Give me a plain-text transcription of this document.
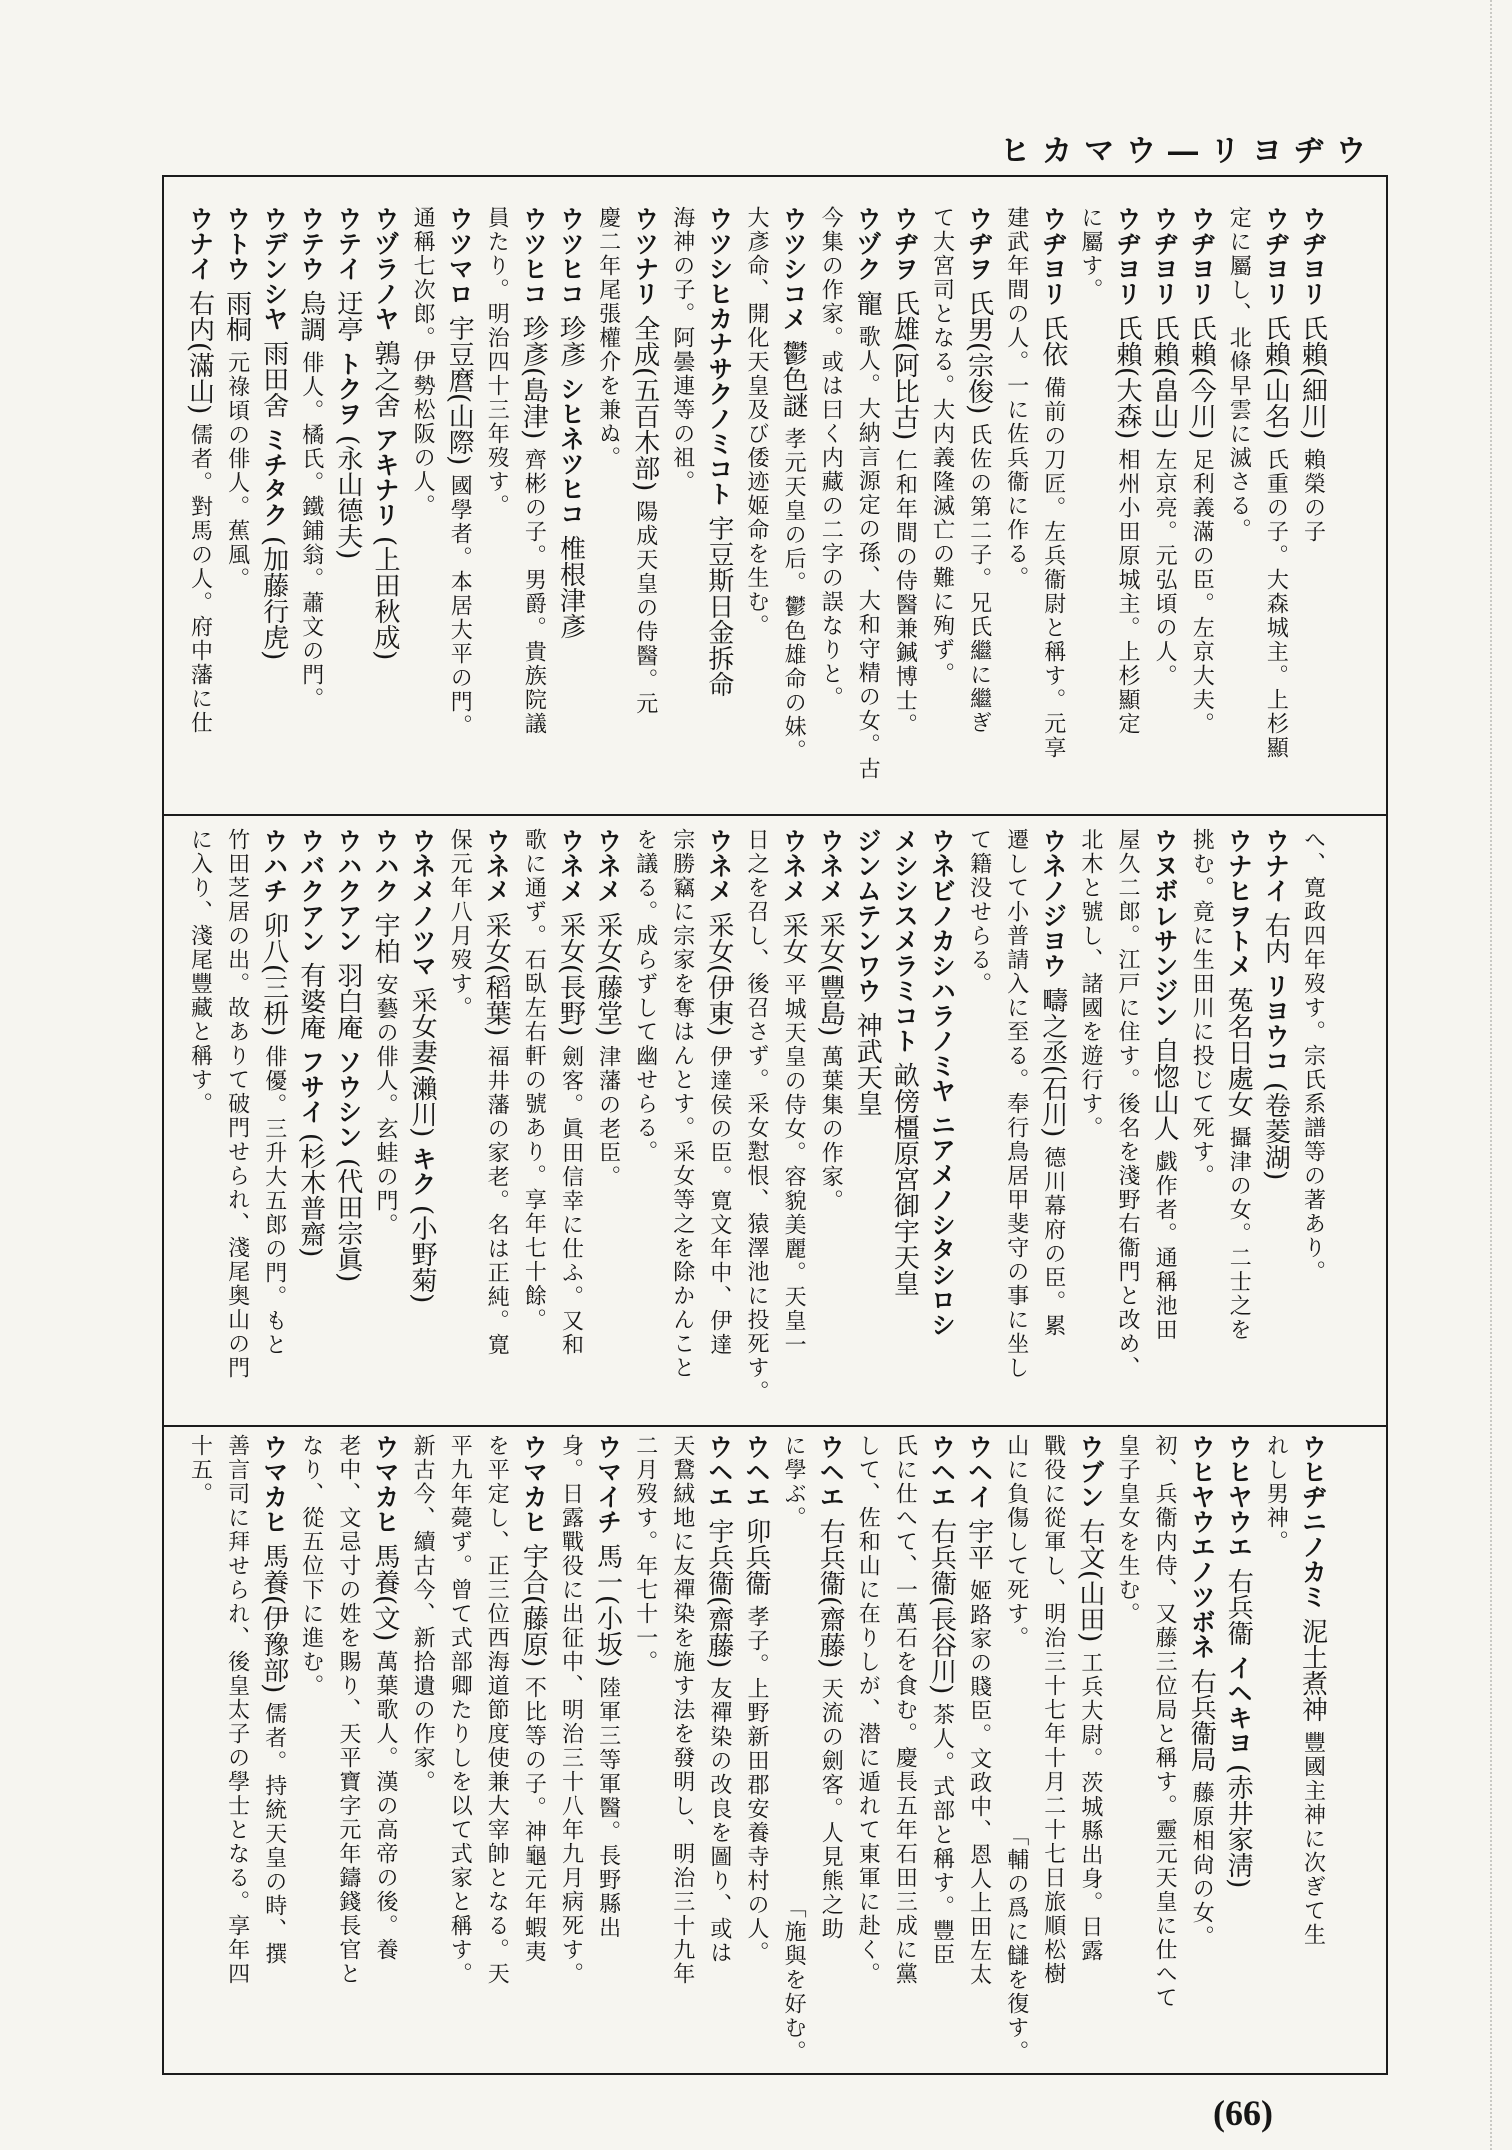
ウヂヨリ―ウマカヒ
(66)
ウヂヨリ氏賴(細川)賴榮の子
ウヂヨリ氏賴(山名)氏重の子。大森城主。上杉顯
定に屬し、北條早雲に滅さる。
ウヂヨリ氏賴(今川)足利義滿の臣。左京大夫。
ウヂヨリ氏賴(畠山)左京亮。元弘頃の人。
ウヂヨリ氏賴(大森)相州小田原城主。上杉顯定
に屬す。
ウヂヨリ氏依備前の刀匠。左兵衞尉と稱す。元享
建武年間の人。一に佐兵衞に作る。
ウヂヲ氏男(宗俊)氏佐の第二子。兄氏繼に繼ぎ
て大宮司となる。大内義隆滅亡の難に殉ず。
ウヂヲ氏雄(阿比古)仁和年間の侍醫兼鍼博士。
ウヅク寵歌人。大納言源定の孫、大和守精の女。古
今集の作家。或は曰く内藏の二字の誤なりと。
ウツシコメ鬱色謎孝元天皇の后。鬱色雄命の妹。
大彥命、開化天皇及び倭迹姬命を生む。
ウツシヒカナサクノミコト宇豆斯日金拆命
海神の子。阿曇連等の祖。
ウツナリ全成(五百木部)陽成天皇の侍醫。元
慶二年尾張權介を兼ぬ。
ウツヒコ珍彥シヒネツヒコ椎根津彥
ウツヒコ珍彥(島津)齊彬の子。男爵。貴族院議
員たり。明治四十三年歿す。
ウツマロ宇豆麿(山際)國學者。本居大平の門。
通稱七次郎。伊勢松阪の人。
ウヅラノヤ鶉之舍アキナリ(上田秋成)
ウテイ迂亭トクヲ(永山德夫)
ウテウ烏調俳人。橘氏。鐵鋪翁。蕭文の門。
ウデンシヤ雨田舍ミチタク(加藤行虎)
ウトウ雨桐元祿頃の俳人。蕉風。
ウナイ右内(滿山)儒者。對馬の人。府中藩に仕
へ、寛政四年歿す。宗氏系譜等の著あり。
ウナイ右内リヨウコ(卷菱湖)
ウナヒヲトメ菟名日處女攝津の女。二士之を
挑む。竟に生田川に投じて死す。
ウヌボレサンジン自惚山人戯作者。通稱池田
屋久二郎。江戸に住す。後名を淺野右衞門と改め、
北木と號し、諸國を遊行す。
ウネノジヨウ疇之丞(石川)德川幕府の臣。累
遷して小普請入に至る。奉行鳥居甲斐守の事に坐し
て籍没せらる。
ウネビノカシハラノミヤニアメノシタシロシ
メシシスメラミコト畝傍橿原宮御宇天皇
ジンムテンワウ神武天皇
ウネメ采女(豐島)萬葉集の作家。
ウネメ采女平城天皇の侍女。容貌美麗。天皇一
日之を召し、後召さず。采女懟恨、猿澤池に投死す。
ウネメ采女(伊東)伊達侯の臣。寛文年中、伊達
宗勝竊に宗家を奪はんとす。采女等之を除かんこと
を議る。成らずして幽せらる。
ウネメ采女(藤堂)津藩の老臣。
ウネメ采女(長野)劍客。眞田信幸に仕ふ。又和
歌に通ず。石臥左右軒の號あり。享年七十餘。
ウネメ采女(稻葉)福井藩の家老。名は正純。寛
保元年八月歿す。
ウネメノツマ采女妻(瀨川)キク(小野菊)
ウハク宇柏安藝の俳人。玄蛙の門。
ウハクアン羽白庵ソウシン(代田宗眞)
ウバクアン有婆庵フサイ(杉木普齋)
ウハチ卯八(三枡)俳優。三升大五郎の門。もと
竹田芝居の出。故ありて破門せられ、淺尾奥山の門
に入り、淺尾豐藏と稱す。
ウヒヂニノカミ泥土煮神豐國主神に次ぎて生
れし男神。
ウヒヤウエ右兵衞イヘキヨ(赤井家淸)
ウヒヤウエノツボネ右兵衞局藤原相尙の女。
初、兵衞内侍、又藤三位局と稱す。靈元天皇に仕へて
皇子皇女を生む。
ウブン右文(山田)工兵大尉。茨城縣出身。日露
戰役に從軍し、明治三十七年十月二十七日旅順松樹
山に負傷して死す。
「輔の爲に讎を復す。
ウヘイ宇平姬路家の賤臣。文政中、恩人上田左太
ウヘエ右兵衞(長谷川)茶人。式部と稱す。豐臣
氏に仕へて、一萬石を食む。慶長五年石田三成に黨
して、佐和山に在りしが、潜に遁れて東軍に赴く。
ウヘエ右兵衞(齋藤)天流の劍客。人見熊之助
に學ぶ。
「施與を好む。
ウヘエ卯兵衞孝子。上野新田郡安養寺村の人。
ウヘエ宇兵衞(齋藤)友禪染の改良を圖り、或は
天鵞絨地に友禪染を施す法を發明し、明治三十九年
二月歿す。年七十一。
ウマイチ馬一(小坂)陸軍三等軍醫。長野縣出
身。日露戰役に出征中、明治三十八年九月病死す。
ウマカヒ宇合(藤原)不比等の子。神龜元年蝦夷
を平定し、正三位西海道節度使兼大宰帥となる。天
平九年薨ず。曾て式部卿たりしを以て式家と稱す。
新古今、續古今、新拾遺の作家。
ウマカヒ馬養(文)萬葉歌人。漢の高帝の後。養
老中、文忌寸の姓を賜り、天平寶字元年鑄錢長官と
なり、從五位下に進む。
ウマカヒ馬養(伊豫部)儒者。持統天皇の時、撰
善言司に拜せられ、後皇太子の學士となる。享年四
十五。
